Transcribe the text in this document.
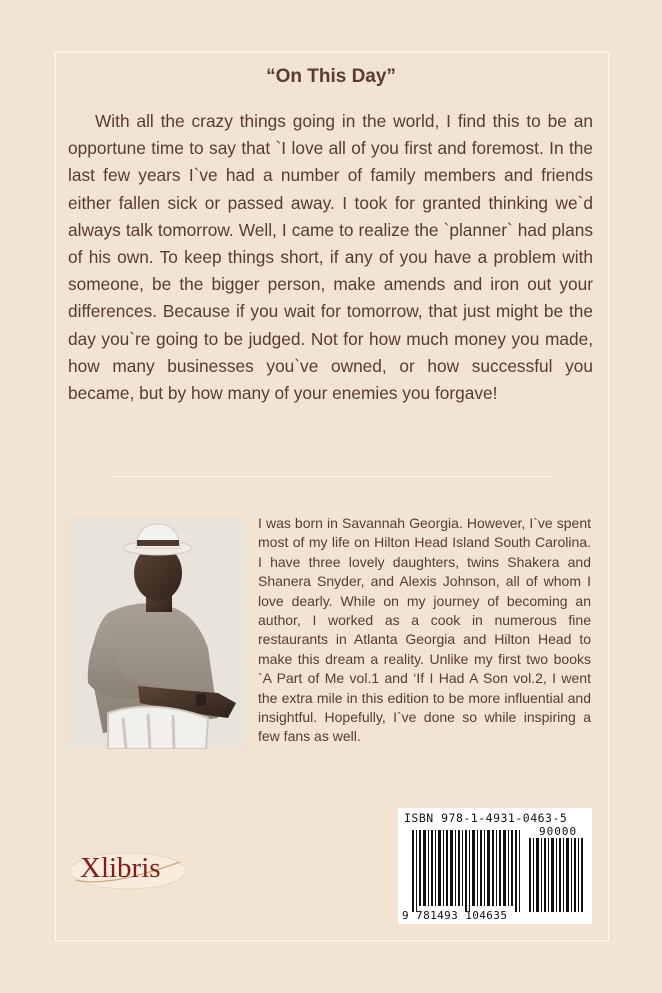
“On This Day”

With all the crazy things going in the world, I find this to be an opportune time to say that `I love all of you first and foremost. In the last few years I`ve had a number of family members and friends either fallen sick or passed away. I took for granted thinking we`d always talk tomorrow. Well, I came to realize the `planner` had plans of his own. To keep things short, if any of you have a problem with someone, be the bigger person, make amends and iron out your differences. Because if you wait for tomorrow, that just might be the day you`re going to be judged. Not for how much money you made, how many businesses you`ve owned, or how successful you became, but by how many of your enemies you forgave!

I was born in Savannah Georgia. However, I`ve spent most of my life on Hilton Head Island South Carolina. I have three lovely daughters, twins Shakera and Shanera Snyder, and Alexis Johnson, all of whom I love dearly. While on my journey of becoming an author, I worked as a cook in numerous fine restaurants in Atlanta Georgia and Hilton Head to make this dream a reality. Unlike my first two books `A Part of Me vol.1 and ‘If I Had A Son vol.2, I went the extra mile in this edition to be more influential and insightful. Hopefully, I`ve done so while inspiring a few fans as well.

Xlibris
ISBN 978-1-4931-0463-5
90000
9 781493 104635
